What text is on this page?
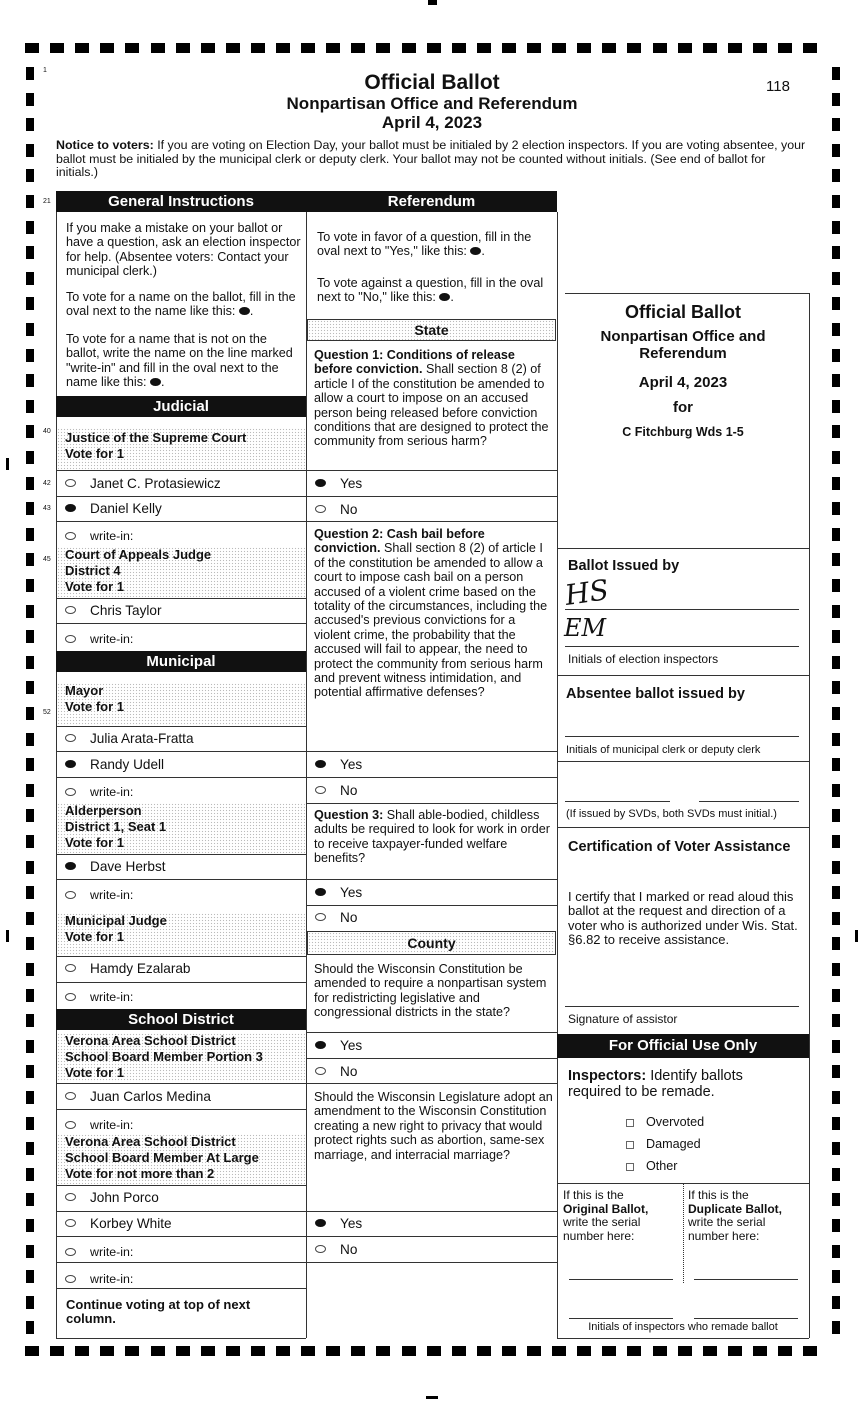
1
21
40
42
43
45
52
Official Ballot
Nonpartisan Office and Referendum
April 4, 2023
118
Notice to voters: If you are voting on Election Day, your ballot must be initialed by 2 election inspectors. If you are voting absentee, your ballot must be initialed by the municipal clerk or deputy clerk. Your ballot may not be counted without initials. (See end of ballot for initials.)
General Instructions
If you make a mistake on your ballot or have a question, ask an election inspector for help. (Absentee voters: Contact your municipal clerk.)
To vote for a name on the ballot, fill in the oval next to the name like this: .
To vote for a name that is not on the ballot, write the name on the line marked "write-in" and fill in the oval next to the name like this: .
Judicial
Justice of the Supreme Court
Vote for 1
Janet C. Protasiewicz
Daniel Kelly
write-in:
Court of Appeals Judge
District 4
Vote for 1
Chris Taylor
write-in:
Municipal
Mayor
Vote for 1
Julia Arata-Fratta
Randy Udell
write-in:
Alderperson
District 1, Seat 1
Vote for 1
Dave Herbst
write-in:
Municipal Judge
Vote for 1
Hamdy Ezalarab
write-in:
School District
Verona Area School District
School Board Member Portion 3
Vote for 1
Juan Carlos Medina
write-in:
Verona Area School District
School Board Member At Large
Vote for not more than 2
John Porco
Korbey White
write-in:
write-in:
Continue voting at top of next column.
Referendum
To vote in favor of a question, fill in the oval next to "Yes," like this: .
To vote against a question, fill in the oval next to "No," like this: .
State
Question 1: Conditions of release before conviction. Shall section 8 (2) of article I of the constitution be amended to allow a court to impose on an accused person being released before conviction conditions that are designed to protect the community from serious harm?
Yes
No
Question 2: Cash bail before conviction. Shall section 8 (2) of article I of the constitution be amended to allow a court to impose cash bail on a person accused of a violent crime based on the totality of the circumstances, including the accused's previous convictions for a violent crime, the probability that the accused will fail to appear, the need to protect the community from serious harm and prevent witness intimidation, and potential affirmative defenses?
Yes
No
Question 3: Shall able-bodied, childless adults be required to look for work in order to receive taxpayer-funded welfare benefits?
Yes
No
County
Should the Wisconsin Constitution be amended to require a nonpartisan system for redistricting legislative and congressional districts in the state?
Yes
No
Should the Wisconsin Legislature adopt an amendment to the Wisconsin Constitution creating a new right to privacy that would protect rights such as abortion, same-sex marriage, and interracial marriage?
Yes
No
Official Ballot
Nonpartisan Office and Referendum
April 4, 2023
for
C Fitchburg Wds 1-5
Ballot Issued by
HS
EM
Initials of election inspectors
Absentee ballot issued by
Initials of municipal clerk or deputy clerk
(If issued by SVDs, both SVDs must initial.)
Certification of Voter Assistance
I certify that I marked or read aloud this ballot at the request and direction of a voter who is authorized under Wis. Stat. §6.82 to receive assistance.
Signature of assistor
For Official Use Only
Inspectors: Identify ballots required to be remade.
Overvoted
Damaged
Other
If this is the
Original Ballot,
write the serial number here:
If this is the
Duplicate Ballot,
write the serial number here:
Initials of inspectors who remade ballot
